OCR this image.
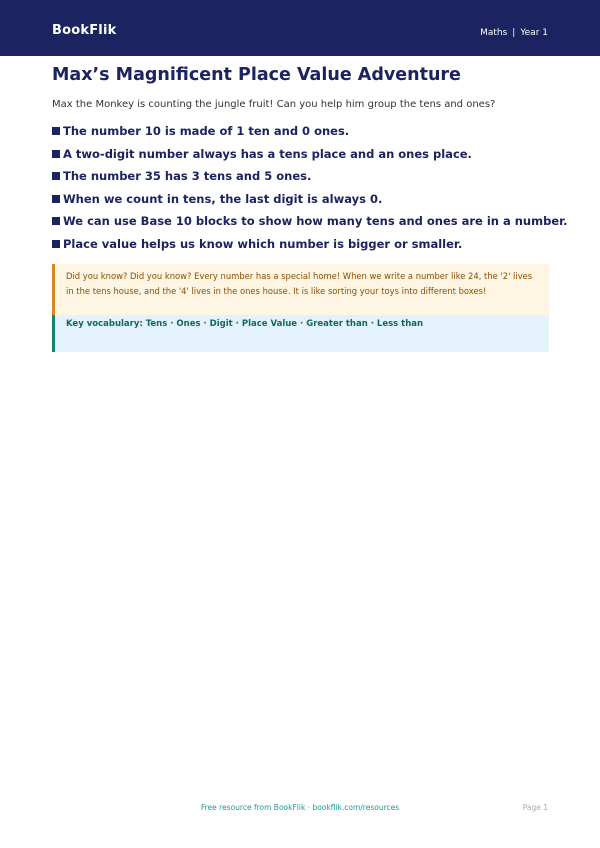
BookFlik	Maths | Year 1
Max’s Magnificent Place Value Adventure
Max the Monkey is counting the jungle fruit! Can you help him group the tens and ones?
The number 10 is made of 1 ten and 0 ones.
A two-digit number always has a tens place and an ones place.
The number 35 has 3 tens and 5 ones.
When we count in tens, the last digit is always 0.
We can use Base 10 blocks to show how many tens and ones are in a number.
Place value helps us know which number is bigger or smaller.
Did you know? Did you know? Every number has a special home! When we write a number like 24, the '2' lives in the tens house, and the '4' lives in the ones house. It is like sorting your toys into different boxes!
Key vocabulary: Tens · Ones · Digit · Place Value · Greater than · Less than
Free resource from BookFlik · bookflik.com/resources	Page 1
